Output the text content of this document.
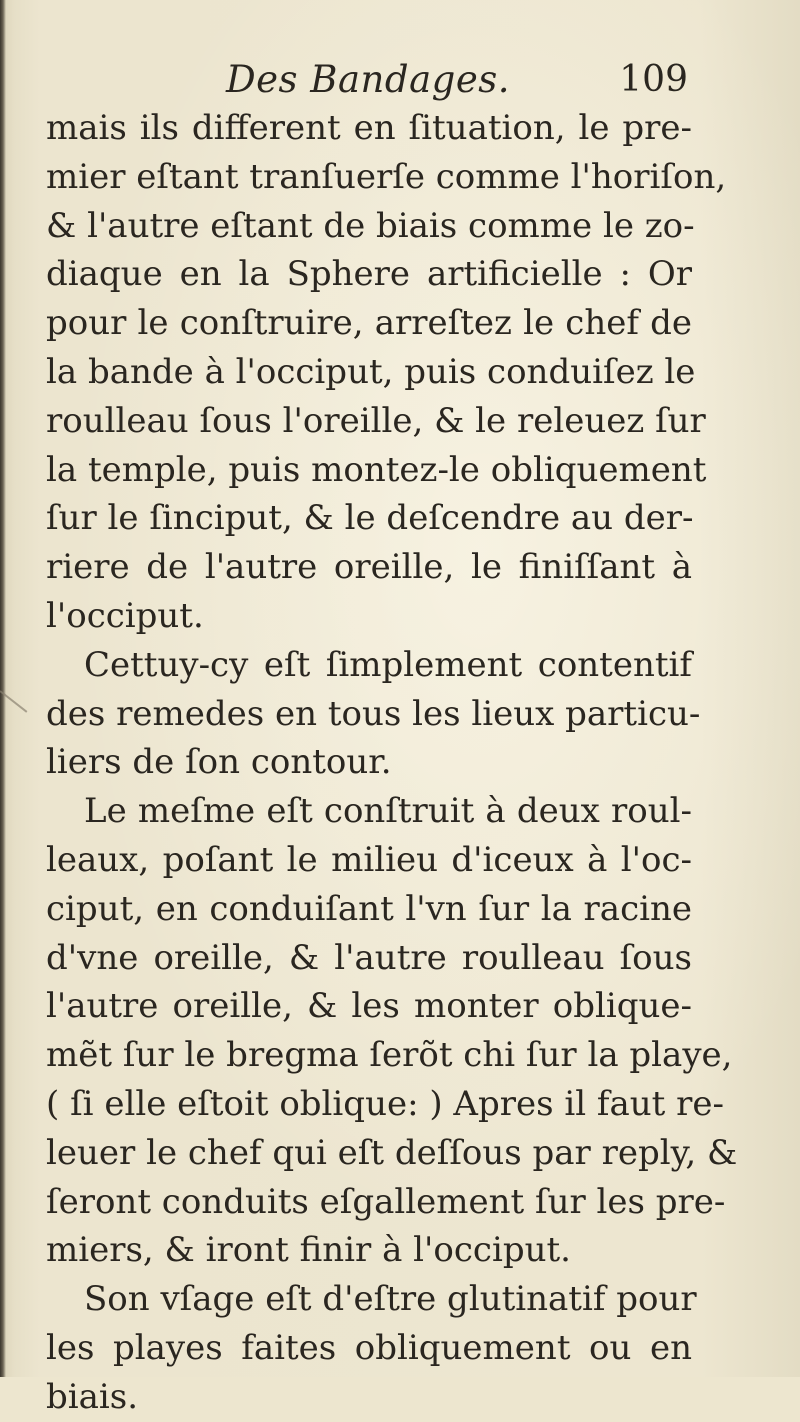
Des Bandages.	109
mais ils different en ſituation, le pre-
mier eſtant tranſuerſe comme l'horiſon,
& l'autre eſtant de biais comme le zo-
diaque en la Sphere artificielle : Or
pour le conſtruire, arreſtez le chef de
la bande à l'occiput, puis conduiſez le
roulleau ſous l'oreille, & le releuez ſur
la temple, puis montez-le obliquement
ſur le ſinciput, & le deſcendre au der-
riere de l'autre oreille, le finiſſant à
l'occiput.
Cettuy-cy eſt ſimplement contentif
des remedes en tous les lieux particu-
liers de ſon contour.
Le meſme eſt conſtruit à deux roul-
leaux, poſant le milieu d'iceux à l'oc-
ciput, en conduiſant l'vn ſur la racine
d'vne oreille, & l'autre roulleau ſous
l'autre oreille, & les monter oblique-
mẽt ſur le bregma ſerõt chi ſur la playe,
( ſi elle eſtoit oblique: ) Apres il faut re-
leuer le chef qui eſt deſſous par reply, &
ſeront conduits eſgallement ſur les pre-
miers, & iront finir à l'occiput.
Son vſage eſt d'eſtre glutinatif pour
les playes faites obliquement ou en
biais.
